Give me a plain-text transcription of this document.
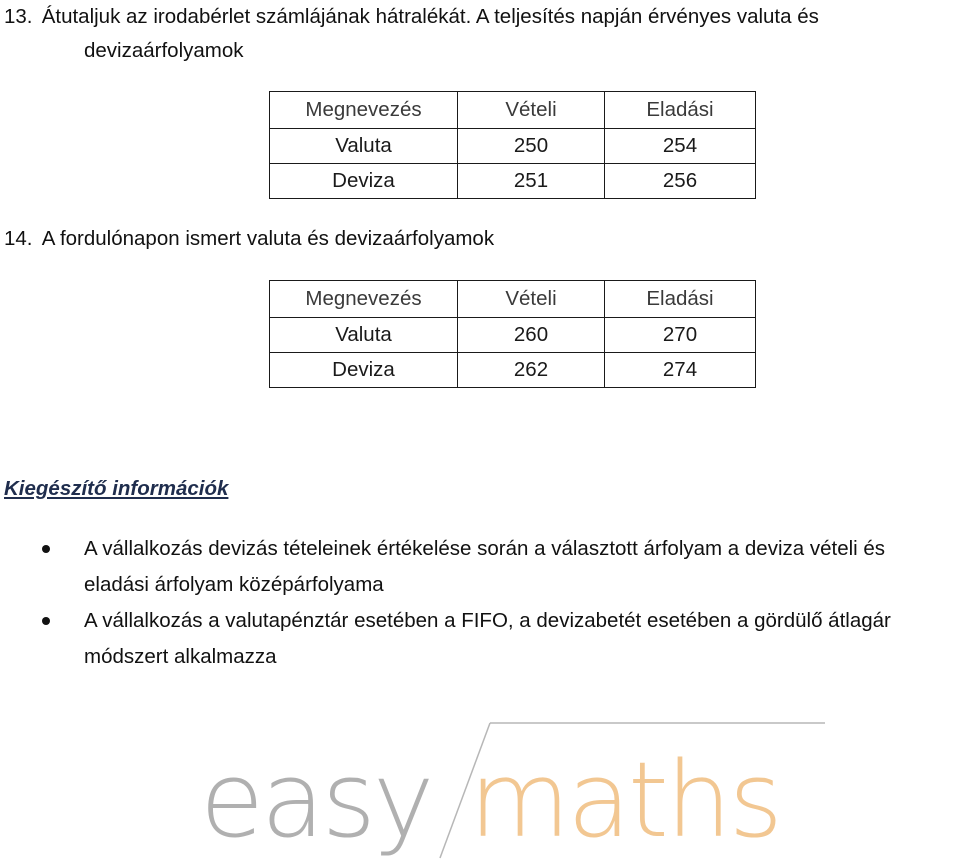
13. Átutaljuk az irodabérlet számlájának hátralékát. A teljesítés napján érvényes valuta és
devizaárfolyamok
Megnevezés	Vételi	Eladási
Valuta	250	254
Deviza	251	256
14. A fordulónapon ismert valuta és devizaárfolyamok
Megnevezés	Vételi	Eladási
Valuta	260	270
Deviza	262	274
Kiegészítő információk
A vállalkozás devizás tételeinek értékelése során a választott árfolyam a deviza vételi és
eladási árfolyam középárfolyama
A vállalkozás a valutapénztár esetében a FIFO, a devizabetét esetében a gördülő átlagár
módszert alkalmazza
easy maths
